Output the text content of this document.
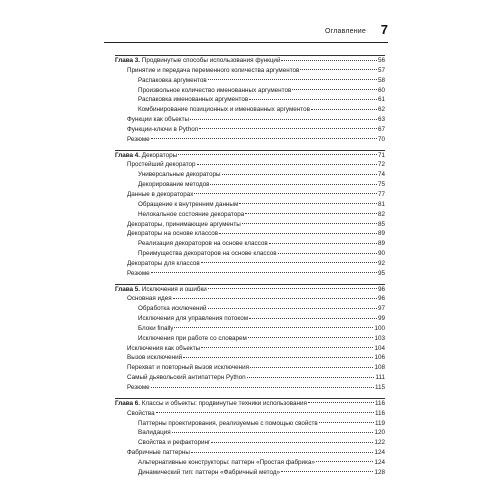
Оглавление 7
Глава 3. Продвинутые способы использования функций	56
Принятие и передача переменного количества аргументов	57
Распаковка аргументов	58
Произвольное количество именованных аргументов	60
Распаковка именованных аргументов	61
Комбинирование позиционных и именованных аргументов	62
Функции как объекты	63
Функции-ключи в Python	67
Резюме	70
Глава 4. Декораторы	71
Простейший декоратор	72
Универсальные декораторы	74
Декорирование методов	75
Данные в декораторах	77
Обращение к внутренним данным	81
Нелокальное состояние декоратора	82
Декораторы, принимающие аргументы	85
Декораторы на основе классов	89
Реализация декораторов на основе классов	89
Преимущества декораторов на основе классов	90
Декораторы для классов	92
Резюме	95
Глава 5. Исключения и ошибки	96
Основная идея	96
Обработка исключений	97
Исключения для управления потоком	99
Блоки finally	100
Исключения при работе со словарем	103
Исключения как объекты	104
Вызов исключений	106
Перехват и повторный вызов исключения	108
Самый дьявольский антипаттерн Python	111
Резюме	115
Глава 6. Классы и объекты: продвинутые техники использования	116
Свойства	116
Паттерны проектирования, реализуемые с помощью свойств	119
Валидация	120
Свойства и рефакторинг	122
Фабричные паттерны	124
Альтернативные конструкторы: паттерн «Простая фабрика»	124
Динамический тип: паттерн «Фабричный метод»	128
